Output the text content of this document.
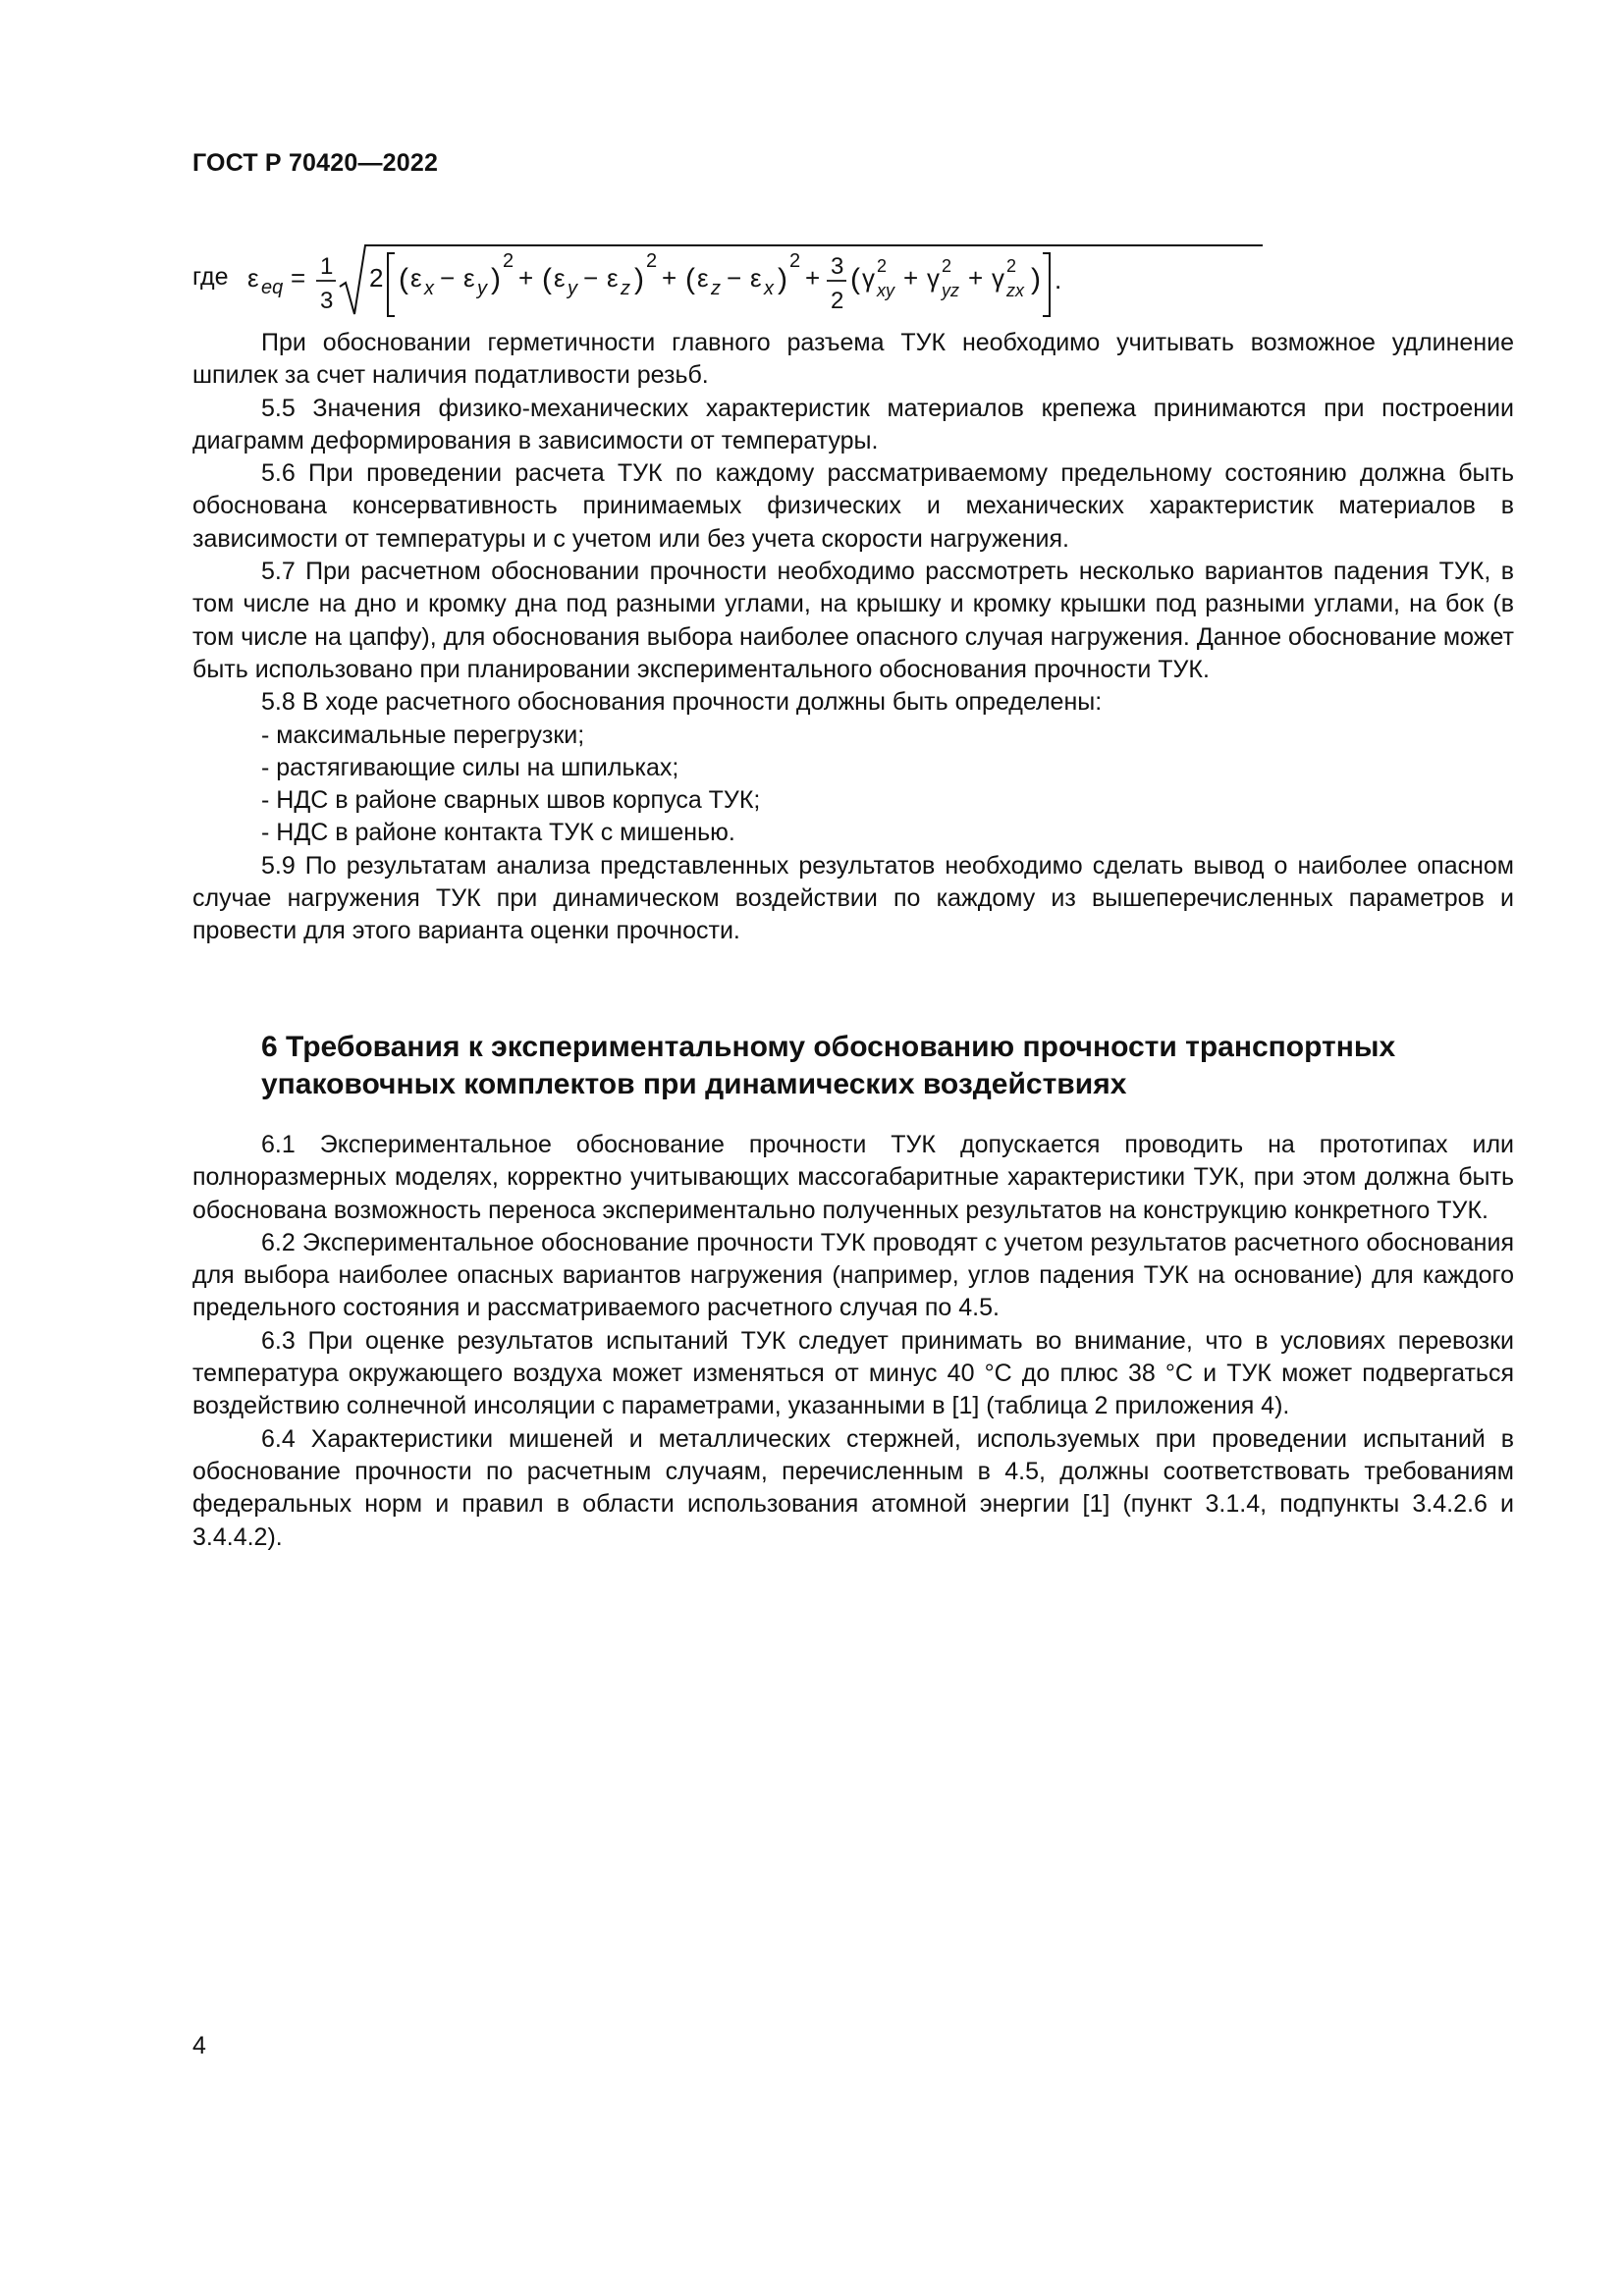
ГОСТ Р 70420—2022
где ε eq = 1
3
2 ( ε x − ε y )
2
+ ( ε y − ε z )
2
+ ( ε z − ε x )
2
+ 3
2
( γ 2
xy + γ 2
yz + γ 2
zx ) .

При обосновании герметичности главного разъема ТУК необходимо учитывать возможное удлинение шпилек за счет наличия податливости резьб.

5.5 Значения физико-механических характеристик материалов крепежа принимаются при построении диаграмм деформирования в зависимости от температуры.

5.6 При проведении расчета ТУК по каждому рассматриваемому предельному состоянию должна быть обоснована консервативность принимаемых физических и механических характеристик материалов в зависимости от температуры и с учетом или без учета скорости нагружения.

5.7 При расчетном обосновании прочности необходимо рассмотреть несколько вариантов падения ТУК, в том числе на дно и кромку дна под разными углами, на крышку и кромку крышки под разными углами, на бок (в том числе на цапфу), для обоснования выбора наиболее опасного случая нагружения. Данное обоснование может быть использовано при планировании экспериментального обоснования прочности ТУК.

5.8 В ходе расчетного обоснования прочности должны быть определены:

- максимальные перегрузки;

- растягивающие силы на шпильках;

- НДС в районе сварных швов корпуса ТУК;

- НДС в районе контакта ТУК с мишенью.

5.9 По результатам анализа представленных результатов необходимо сделать вывод о наиболее опасном случае нагружения ТУК при динамическом воздействии по каждому из вышеперечисленных параметров и провести для этого варианта оценки прочности.

6 Требования к экспериментальному обоснованию прочности транспортных упаковочных комплектов при динамических воздействиях

6.1 Экспериментальное обоснование прочности ТУК допускается проводить на прототипах или полноразмерных моделях, корректно учитывающих массогабаритные характеристики ТУК, при этом должна быть обоснована возможность переноса экспериментально полученных результатов на конструкцию конкретного ТУК.

6.2 Экспериментальное обоснование прочности ТУК проводят с учетом результатов расчетного обоснования для выбора наиболее опасных вариантов нагружения (например, углов падения ТУК на основание) для каждого предельного состояния и рассматриваемого расчетного случая по 4.5.

6.3 При оценке результатов испытаний ТУК следует принимать во внимание, что в условиях перевозки температура окружающего воздуха может изменяться от минус 40 °C до плюс 38 °C и ТУК может подвергаться воздействию солнечной инсоляции с параметрами, указанными в [1] (таблица 2 приложения 4).

6.4 Характеристики мишеней и металлических стержней, используемых при проведении испытаний в обоснование прочности по расчетным случаям, перечисленным в 4.5, должны соответствовать требованиям федеральных норм и правил в области использования атомной энергии [1] (пункт 3.1.4, подпункты 3.4.2.6 и 3.4.4.2).

4
